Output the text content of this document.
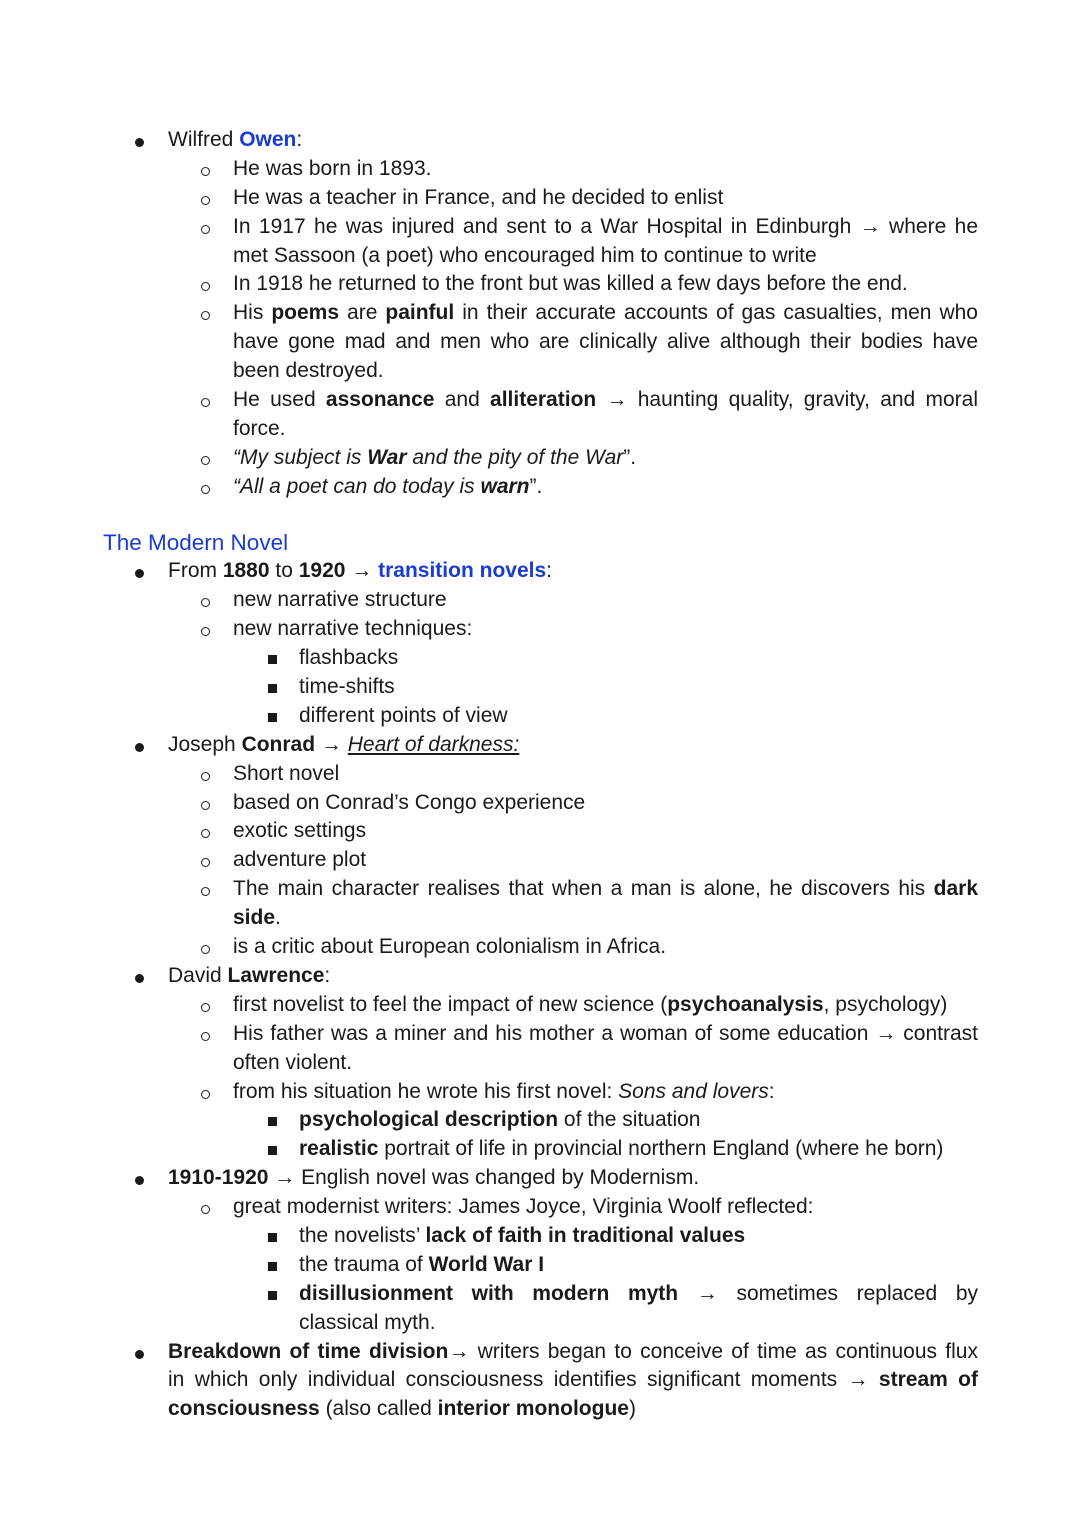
Wilfred Owen:
He was born in 1893.
He was a teacher in France, and he decided to enlist
In 1917 he was injured and sent to a War Hospital in Edinburgh → where he
met Sassoon (a poet) who encouraged him to continue to write
In 1918 he returned to the front but was killed a few days before the end.
His poems are painful in their accurate accounts of gas casualties, men who
have gone mad and men who are clinically alive although their bodies have
been destroyed.
He used assonance and alliteration → haunting quality, gravity, and moral
force.
“My subject is War and the pity of the War”.
“All a poet can do today is warn”.
The Modern Novel
From 1880 to 1920 → transition novels:
new narrative structure
new narrative techniques:
flashbacks
time-shifts
different points of view
Joseph Conrad → Heart of darkness:
Short novel
based on Conrad’s Congo experience
exotic settings
adventure plot
The main character realises that when a man is alone, he discovers his dark
side.
is a critic about European colonialism in Africa.
David Lawrence:
first novelist to feel the impact of new science (psychoanalysis, psychology)
His father was a miner and his mother a woman of some education → contrast
often violent.
from his situation he wrote his first novel: Sons and lovers:
psychological description of the situation
realistic portrait of life in provincial northern England (where he born)
1910-1920 → English novel was changed by Modernism.
great modernist writers: James Joyce, Virginia Woolf reflected:
the novelists’ lack of faith in traditional values
the trauma of World War I
disillusionment with modern myth → sometimes replaced by
classical myth.
Breakdown of time division→ writers began to conceive of time as continuous flux
in which only individual consciousness identifies significant moments → stream of
consciousness (also called interior monologue)
